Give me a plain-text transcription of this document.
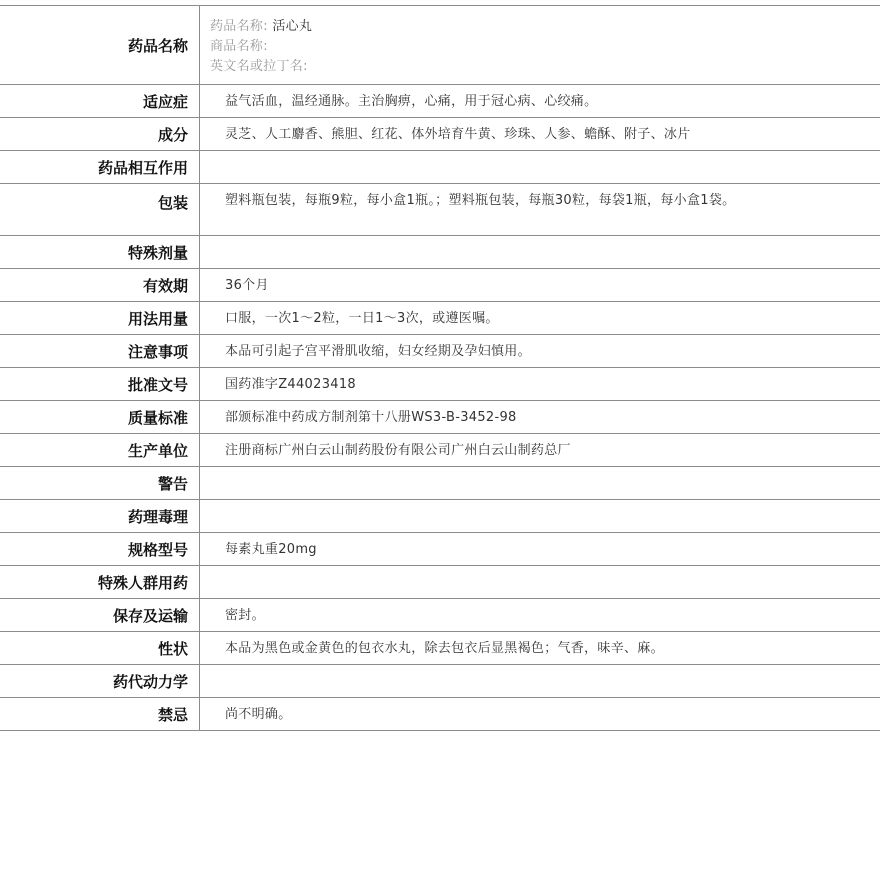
药品名称
药品名称: 活心丸
商品名称:
英文名或拉丁名:
适应症	益气活血，温经通脉。主治胸痹，心痛，用于冠心病、心绞痛。
成分	灵芝、人工麝香、熊胆、红花、体外培育牛黄、珍珠、人参、蟾酥、附子、冰片
药品相互作用
包装	塑料瓶包装，每瓶9粒，每小盒1瓶。；塑料瓶包装，每瓶30粒，每袋1瓶，每小盒1袋。
特殊剂量
有效期	36个月
用法用量	口服，一次1～2粒，一日1～3次，或遵医嘱。
注意事项	本品可引起子宫平滑肌收缩，妇女经期及孕妇慎用。
批准文号	国药准字Z44023418
质量标准	部颁标准中药成方制剂第十八册WS3-B-3452-98
生产单位	注册商标广州白云山制药股份有限公司广州白云山制药总厂
警告
药理毒理
规格型号	每素丸重20mg
特殊人群用药
保存及运输	密封。
性状	本品为黑色或金黄色的包衣水丸，除去包衣后显黑褐色；气香，味辛、麻。
药代动力学
禁忌	尚不明确。
